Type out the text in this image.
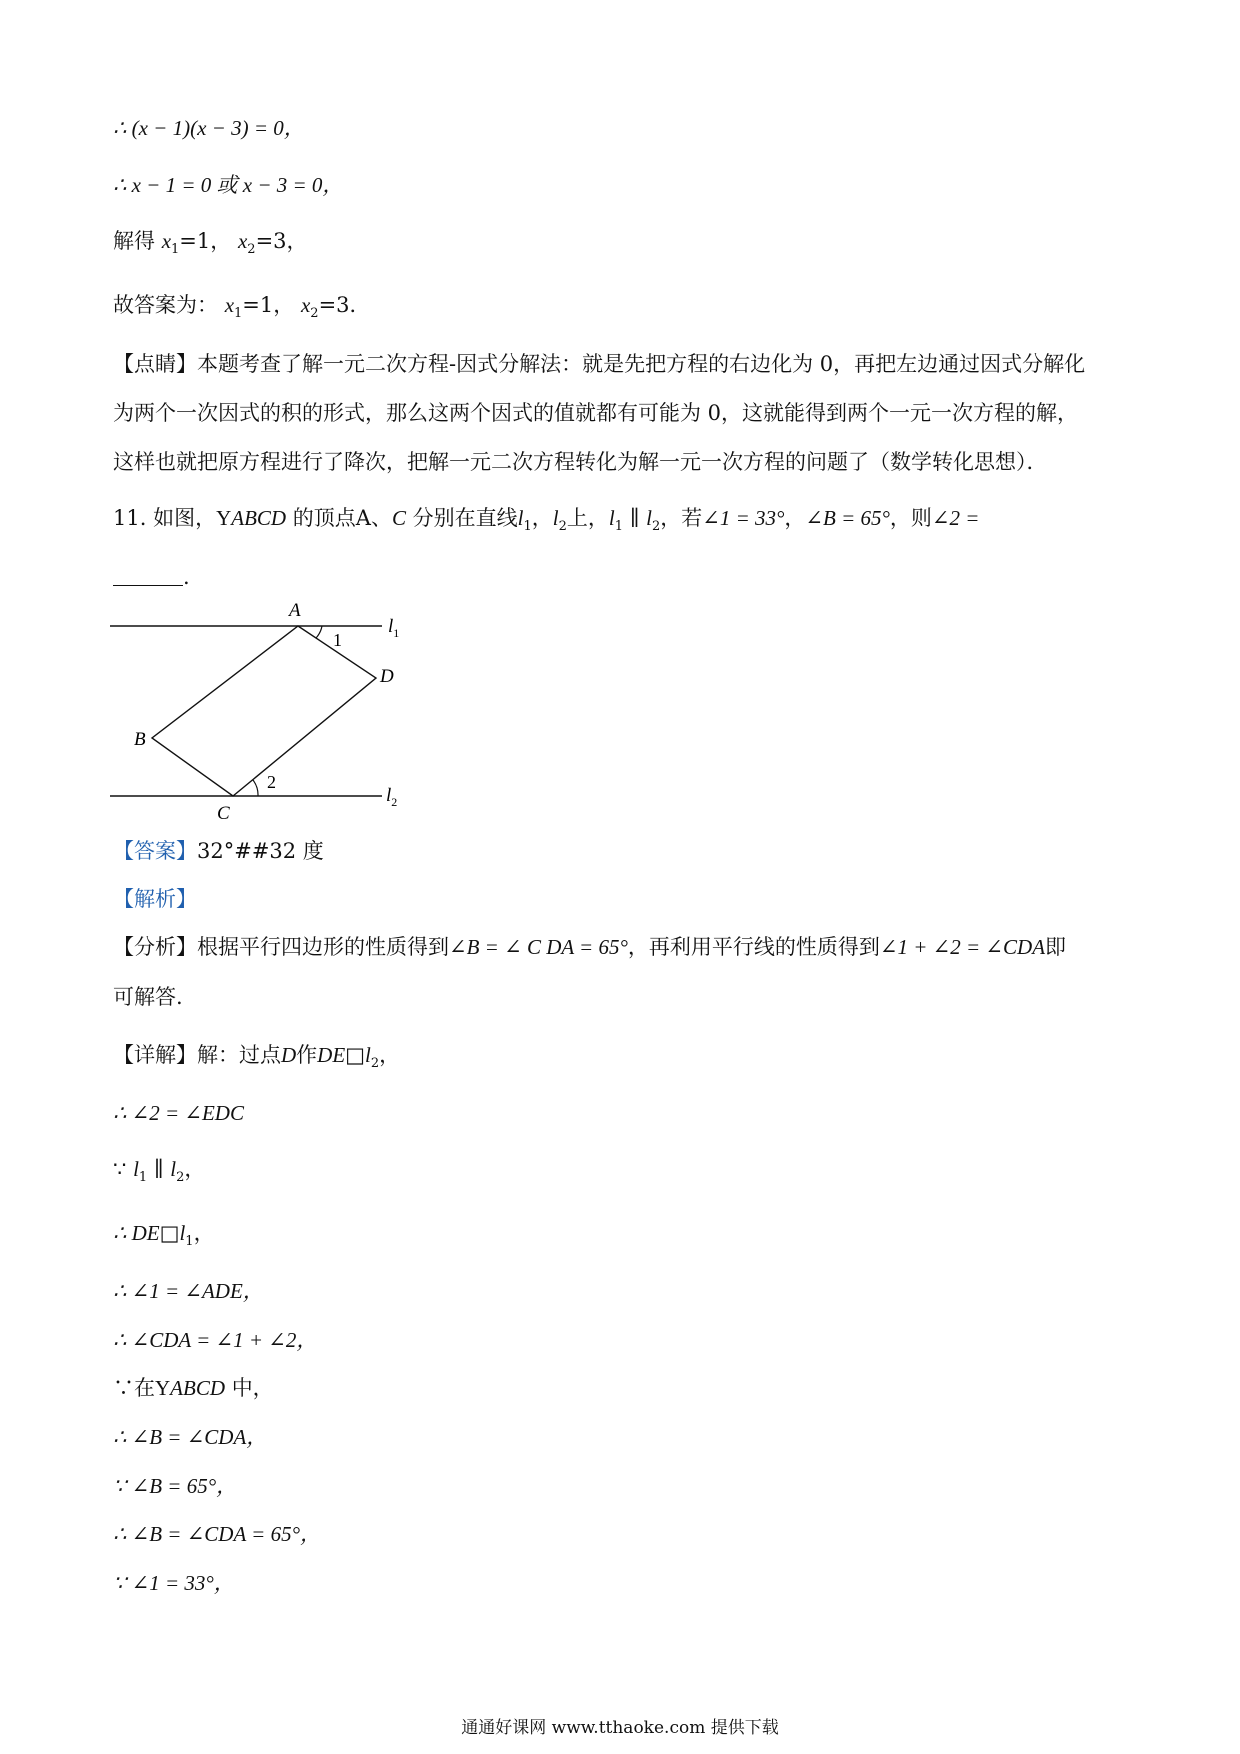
∴ (x − 1)(x − 3) = 0，
∴ x − 1 = 0 或 x − 3 = 0，
解得 $x_1=1$， $x_2=3$，
故答案为： $x_1=1$， $x_2=3$．
【点睛】本题考查了解一元二次方程-因式分解法：就是先把方程的右边化为 0，再把左边通过因式分解化
为两个一次因式的积的形式，那么这两个因式的值就都有可能为 0，这就能得到两个一元一次方程的解，
这样也就把原方程进行了降次，把解一元二次方程转化为解一元一次方程的问题了（数学转化思想）．
11. 如图，YABCD 的顶点A、C 分别在直线$l_1$，$l_2$上，$l_1$ ∥ $l_2$，若∠1 = 33°，∠B = 65°，则∠2 =
.
A
B
C
D
1
2
$l_1$
$l_2$
【答案】32°##32 度
【解析】
【分析】根据平行四边形的性质得到∠B = ∠ C DA = 65°，再利用平行线的性质得到∠1 + ∠2 = ∠CDA即
可解答.
【详解】解：过点D作$DE□l_2$，
∴ ∠2 = ∠EDC
∵ $l_1$ ∥ $l_2$，
∴ $DE□l_1$，
∴ ∠1 = ∠ADE，
∴ ∠CDA = ∠1 + ∠2，
∵在YABCD 中，
∴ ∠B = ∠CDA，
∵ ∠B = 65°，
∴ ∠B = ∠CDA = 65°，
∵ ∠1 = 33°，
通通好课网 www.tthaoke.com 提供下载
